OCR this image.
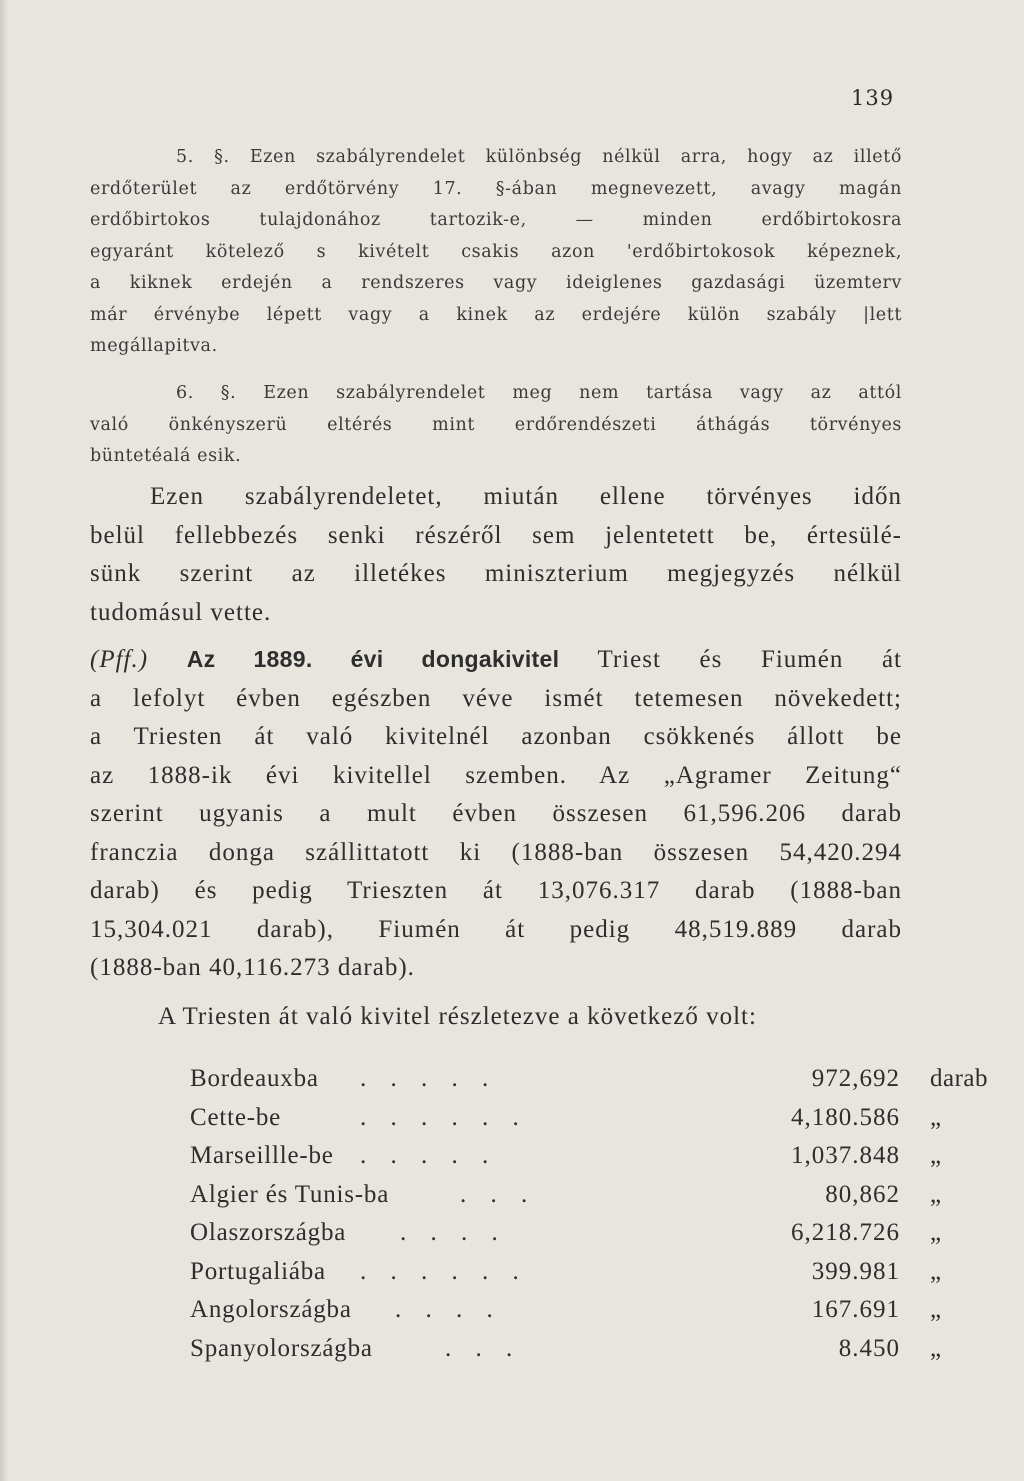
139

5. §. Ezen szabályrendelet különbség nélkül arra, hogy az illető

erdőterület az erdőtörvény 17. §-ában megnevezett, avagy magán

erdőbirtokos tulajdonához tartozik-e, — minden erdőbirtokosra

egyaránt kötelező s kivételt csakis azon 'erdőbirtokosok képeznek,

a kiknek erdején a rendszeres vagy ideiglenes gazdasági üzemterv

már érvénybe lépett vagy a kinek az erdejére külön szabály |lett

megállapitva.

6. §. Ezen szabályrendelet meg nem tartása vagy az attól

való önkényszerü eltérés mint erdőrendészeti áthágás törvényes

büntetéalá esik.

Ezen szabályrendeletet, miután ellene törvényes időn

belül fellebbezés senki részéről sem jelentetett be, értesülé-

sünk szerint az illetékes miniszterium megjegyzés nélkül

tudomásul vette.

(Pff.) Az 1889. évi dongakivitel Triest és Fiumén át

a lefolyt évben egészben véve ismét tetemesen növekedett;

a Triesten át való kivitelnél azonban csökkenés állott be

az 1888-ik évi kivitellel szemben. Az „Agramer Zeitung“

szerint ugyanis a mult évben összesen 61,596.206 darab

franczia donga szállittatott ki (1888-ban összesen 54,420.294

darab) és pedig Trieszten át 13,076.317 darab (1888-ban

15,304.021 darab), Fiumén át pedig 48,519.889 darab

(1888-ban 40,116.273 darab).

A Triesten át való kivitel részletezve a következő volt:

Bordeauxba . . . . .	972,692 darab
Cette-be	. . . . . .	4,180.586 „
Marseillle-be . . . . .	1,037.848 „
Algier és Tunis-ba	. . .	80,862 „
Olaszországba . . . .	6,218.726 „
Portugaliába . . . . . .	399.981 „
Angolországba . . . .	167.691 „
Spanyolországba	. . .	8.450 „
